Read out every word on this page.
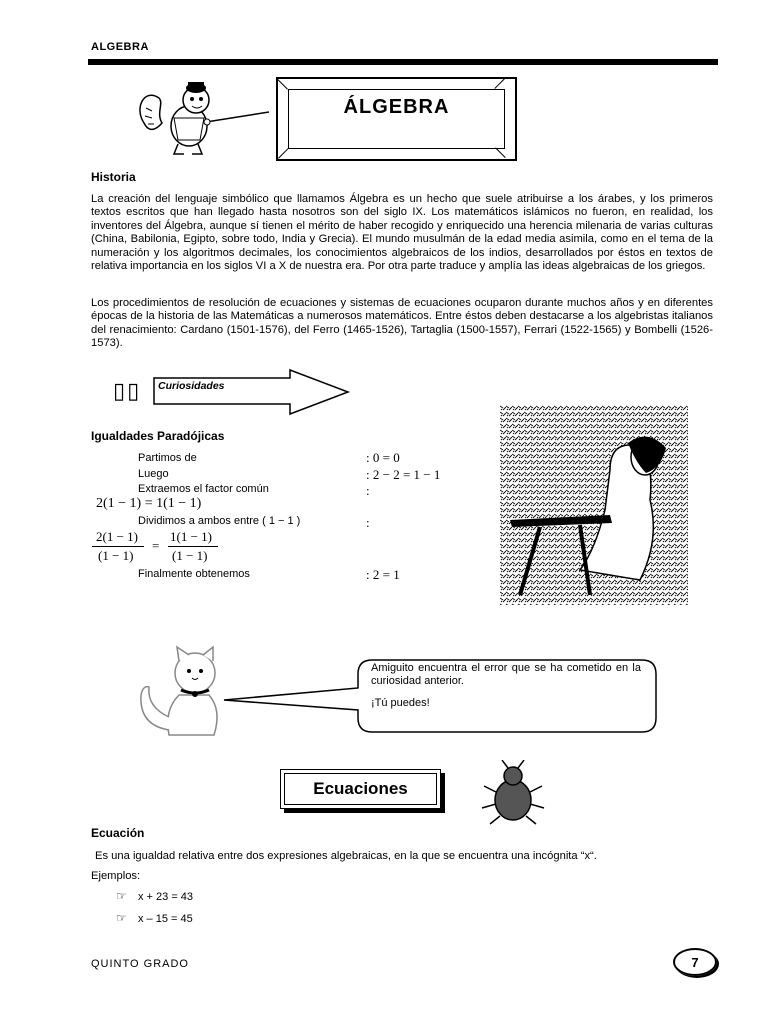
ALGEBRA
ÁLGEBRA
Historia
La creación del lenguaje simbólico que llamamos Álgebra es un hecho que suele atribuirse a los árabes, y los primeros textos escritos que han llegado hasta nosotros son del siglo IX. Los matemáticos islámicos no fueron, en realidad, los inventores del Álgebra, aunque sí tienen el mérito de haber recogido y enriquecido una herencia milenaria de varias culturas (China, Babilonia, Egipto, sobre todo, India y Grecia). El mundo musulmán de la edad media asimila, como en el tema de la numeración y los algoritmos decimales, los conocimientos algebraicos de los indios, desarrollados por éstos en textos de relativa importancia en los siglos VI a X de nuestra era. Por otra parte traduce y amplía las ideas algebraicas de los griegos.
Los procedimientos de resolución de ecuaciones y sistemas de ecuaciones ocuparon durante muchos años y en diferentes épocas de la historia de las Matemáticas a numerosos matemáticos. Entre éstos deben destacarse a los algebristas italianos del renacimiento: Cardano (1501-1576), del Ferro (1465-1526), Tartaglia (1500-1557), Ferrari (1522-1565) y Bombelli (1526-1573).
▯▯ Curiosidades
Igualdades Paradójicas
Partimos de	: 0 = 0
Luego	: 2 − 2 = 1 − 1
Extraemos el factor común	:
2(1 − 1) = 1(1 − 1)
Dividimos a ambos entre ( 1 − 1 )	:
2(1 − 1)
(1 − 1)
=
1(1 − 1)
(1 − 1)
Finalmente obtenemos	: 2 = 1
Amiguito encuentra el error que se ha cometido en la curiosidad anterior.
¡Tú puedes!
Ecuaciones
Ecuación
Es una igualdad relativa entre dos expresiones algebraicas, en la que se encuentra una incógnita “x“.
Ejemplos:
☞ x + 23 = 43
☞ x – 15 = 45
QUINTO GRADO	7
